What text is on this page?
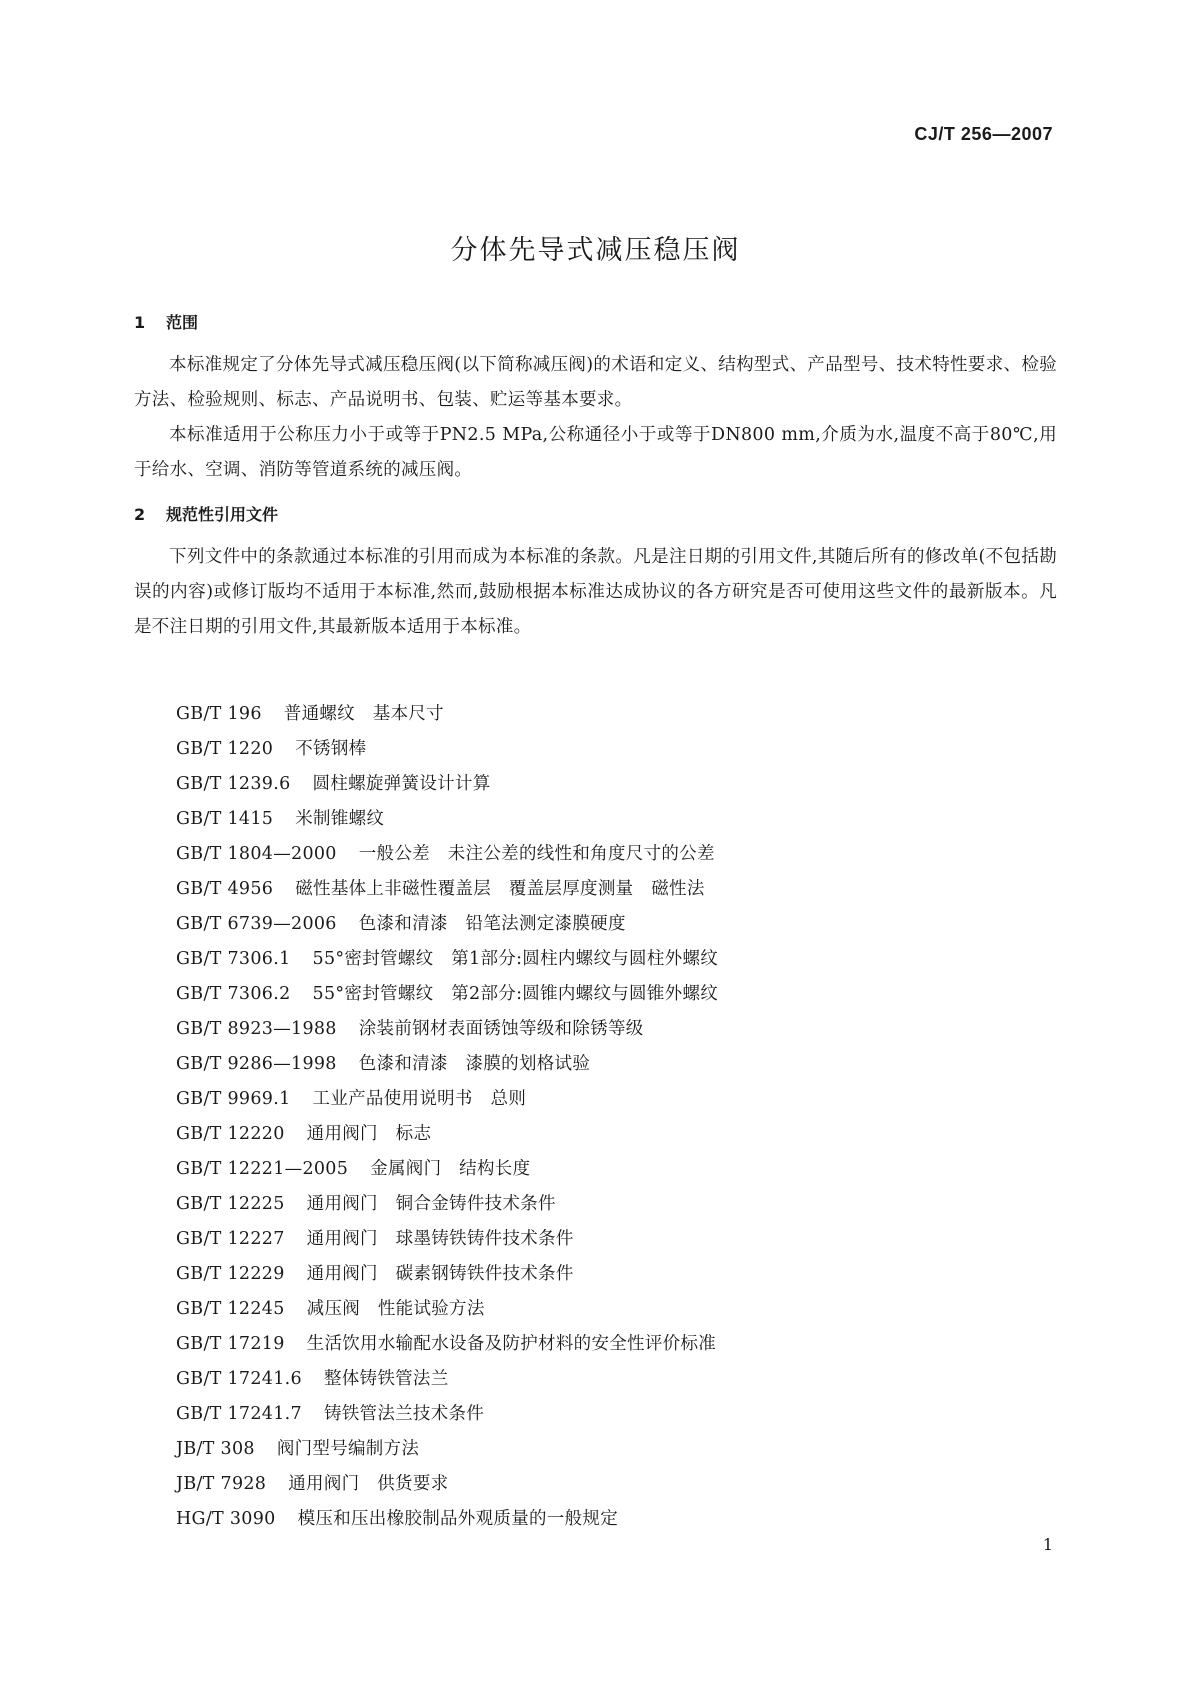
CJ/T 256—2007

分体先导式减压稳压阀
1 范围

本标准规定了分体先导式减压稳压阀(以下简称减压阀)的术语和定义、结构型式、产品型号、技术特性要求、检验方法、检验规则、标志、产品说明书、包装、贮运等基本要求。

本标准适用于公称压力小于或等于PN2.5 MPa,公称通径小于或等于DN800 mm,介质为水,温度不高于80℃,用于给水、空调、消防等管道系统的减压阀。

2 规范性引用文件

下列文件中的条款通过本标准的引用而成为本标准的条款。凡是注日期的引用文件,其随后所有的修改单(不包括勘误的内容)或修订版均不适用于本标准,然而,鼓励根据本标准达成协议的各方研究是否可使用这些文件的最新版本。凡是不注日期的引用文件,其最新版本适用于本标准。

GB/T 196 普通螺纹　基本尺寸
GB/T 1220 不锈钢棒
GB/T 1239.6 圆柱螺旋弹簧设计计算
GB/T 1415 米制锥螺纹
GB/T 1804—2000 一般公差　未注公差的线性和角度尺寸的公差
GB/T 4956 磁性基体上非磁性覆盖层　覆盖层厚度测量　磁性法
GB/T 6739—2006 色漆和清漆　铅笔法测定漆膜硬度
GB/T 7306.1 55°密封管螺纹　第1部分:圆柱内螺纹与圆柱外螺纹
GB/T 7306.2 55°密封管螺纹　第2部分:圆锥内螺纹与圆锥外螺纹
GB/T 8923—1988 涂装前钢材表面锈蚀等级和除锈等级
GB/T 9286—1998 色漆和清漆　漆膜的划格试验
GB/T 9969.1 工业产品使用说明书　总则
GB/T 12220 通用阀门　标志
GB/T 12221—2005 金属阀门　结构长度
GB/T 12225 通用阀门　铜合金铸件技术条件
GB/T 12227 通用阀门　球墨铸铁铸件技术条件
GB/T 12229 通用阀门　碳素钢铸铁件技术条件
GB/T 12245 减压阀　性能试验方法
GB/T 17219 生活饮用水输配水设备及防护材料的安全性评价标准
GB/T 17241.6 整体铸铁管法兰
GB/T 17241.7 铸铁管法兰技术条件
JB/T 308 阀门型号编制方法
JB/T 7928 通用阀门　供货要求
HG/T 3090 模压和压出橡胶制品外观质量的一般规定

1
